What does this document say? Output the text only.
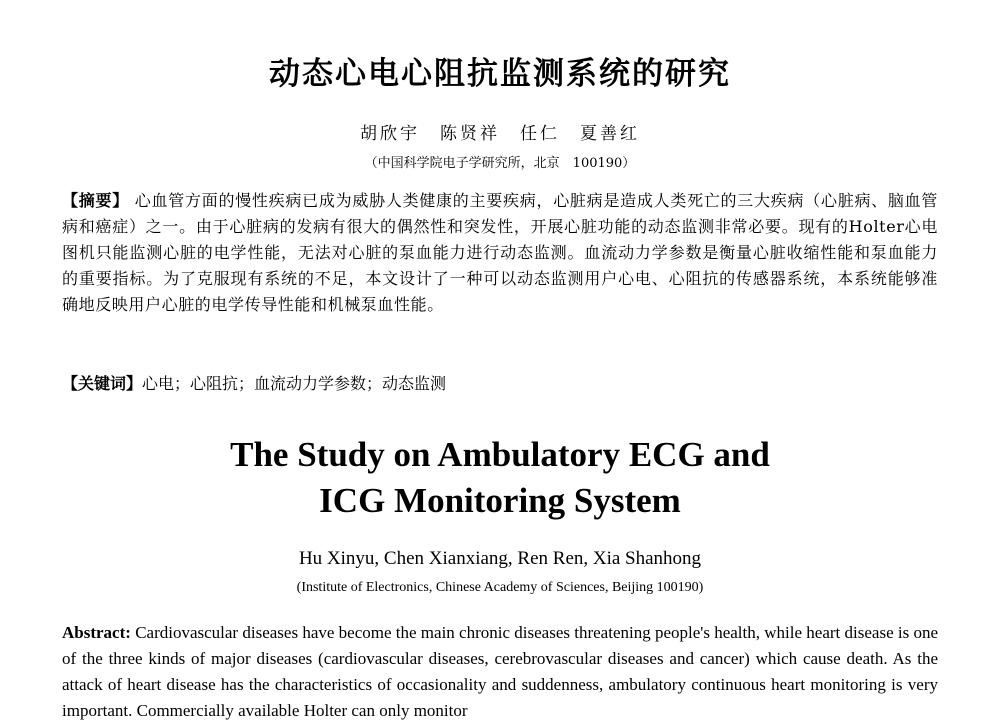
动态心电心阻抗监测系统的研究
胡欣宇　陈贤祥　任仁　夏善红
（中国科学院电子学研究所，北京　100190）
【摘要】 心血管方面的慢性疾病已成为威胁人类健康的主要疾病，心脏病是造成人类死亡的三大疾病（心脏病、脑血管病和癌症）之一。由于心脏病的发病有很大的偶然性和突发性，开展心脏功能的动态监测非常必要。现有的Holter心电图机只能监测心脏的电学性能，无法对心脏的泵血能力进行动态监测。血流动力学参数是衡量心脏收缩性能和泵血能力的重要指标。为了克服现有系统的不足，本文设计了一种可以动态监测用户心电、心阻抗的传感器系统，本系统能够准确地反映用户心脏的电学传导性能和机械泵血性能。
【关键词】心电；心阻抗；血流动力学参数；动态监测
The Study on Ambulatory ECG and
ICG Monitoring System
Hu Xinyu, Chen Xianxiang, Ren Ren, Xia Shanhong
(Institute of Electronics, Chinese Academy of Sciences, Beijing 100190)
Abstract: Cardiovascular diseases have become the main chronic diseases threatening people's health, while heart disease is one of the three kinds of major diseases (cardiovascular diseases, cerebrovascular diseases and cancer) which cause death. As the attack of heart disease has the characteristics of occasionality and suddenness, ambulatory continuous heart monitoring is very important. Commercially available Holter can only monitor
